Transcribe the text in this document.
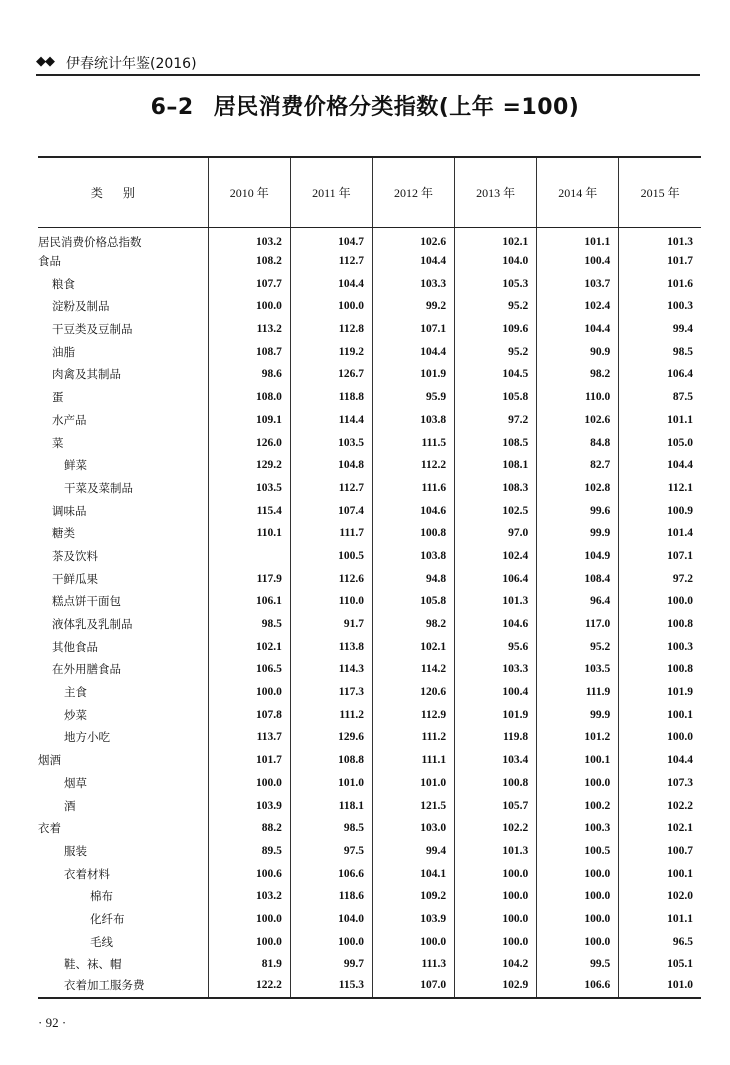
◆◆ 伊春统计年鉴(2016)
6–2 居民消费价格分类指数(上年 =100)
类别	2010 年	2011 年	2012 年	2013 年	2014 年	2015 年
居民消费价格总指数	103.2	104.7	102.6	102.1	101.1	101.3
食品	108.2	112.7	104.4	104.0	100.4	101.7
粮食	107.7	104.4	103.3	105.3	103.7	101.6
淀粉及制品	100.0	100.0	99.2	95.2	102.4	100.3
干豆类及豆制品	113.2	112.8	107.1	109.6	104.4	99.4
油脂	108.7	119.2	104.4	95.2	90.9	98.5
肉禽及其制品	98.6	126.7	101.9	104.5	98.2	106.4
蛋	108.0	118.8	95.9	105.8	110.0	87.5
水产品	109.1	114.4	103.8	97.2	102.6	101.1
菜	126.0	103.5	111.5	108.5	84.8	105.0
鲜菜	129.2	104.8	112.2	108.1	82.7	104.4
干菜及菜制品	103.5	112.7	111.6	108.3	102.8	112.1
调味品	115.4	107.4	104.6	102.5	99.6	100.9
糖类	110.1	111.7	100.8	97.0	99.9	101.4
茶及饮料		100.5	103.8	102.4	104.9	107.1
干鲜瓜果	117.9	112.6	94.8	106.4	108.4	97.2
糕点饼干面包	106.1	110.0	105.8	101.3	96.4	100.0
液体乳及乳制品	98.5	91.7	98.2	104.6	117.0	100.8
其他食品	102.1	113.8	102.1	95.6	95.2	100.3
在外用膳食品	106.5	114.3	114.2	103.3	103.5	100.8
主食	100.0	117.3	120.6	100.4	111.9	101.9
炒菜	107.8	111.2	112.9	101.9	99.9	100.1
地方小吃	113.7	129.6	111.2	119.8	101.2	100.0
烟酒	101.7	108.8	111.1	103.4	100.1	104.4
烟草	100.0	101.0	101.0	100.8	100.0	107.3
酒	103.9	118.1	121.5	105.7	100.2	102.2
衣着	88.2	98.5	103.0	102.2	100.3	102.1
服装	89.5	97.5	99.4	101.3	100.5	100.7
衣着材料	100.6	106.6	104.1	100.0	100.0	100.1
棉布	103.2	118.6	109.2	100.0	100.0	102.0
化纤布	100.0	104.0	103.9	100.0	100.0	101.1
毛线	100.0	100.0	100.0	100.0	100.0	96.5
鞋、袜、帽	81.9	99.7	111.3	104.2	99.5	105.1
衣着加工服务费	122.2	115.3	107.0	102.9	106.6	101.0
· 92 ·
